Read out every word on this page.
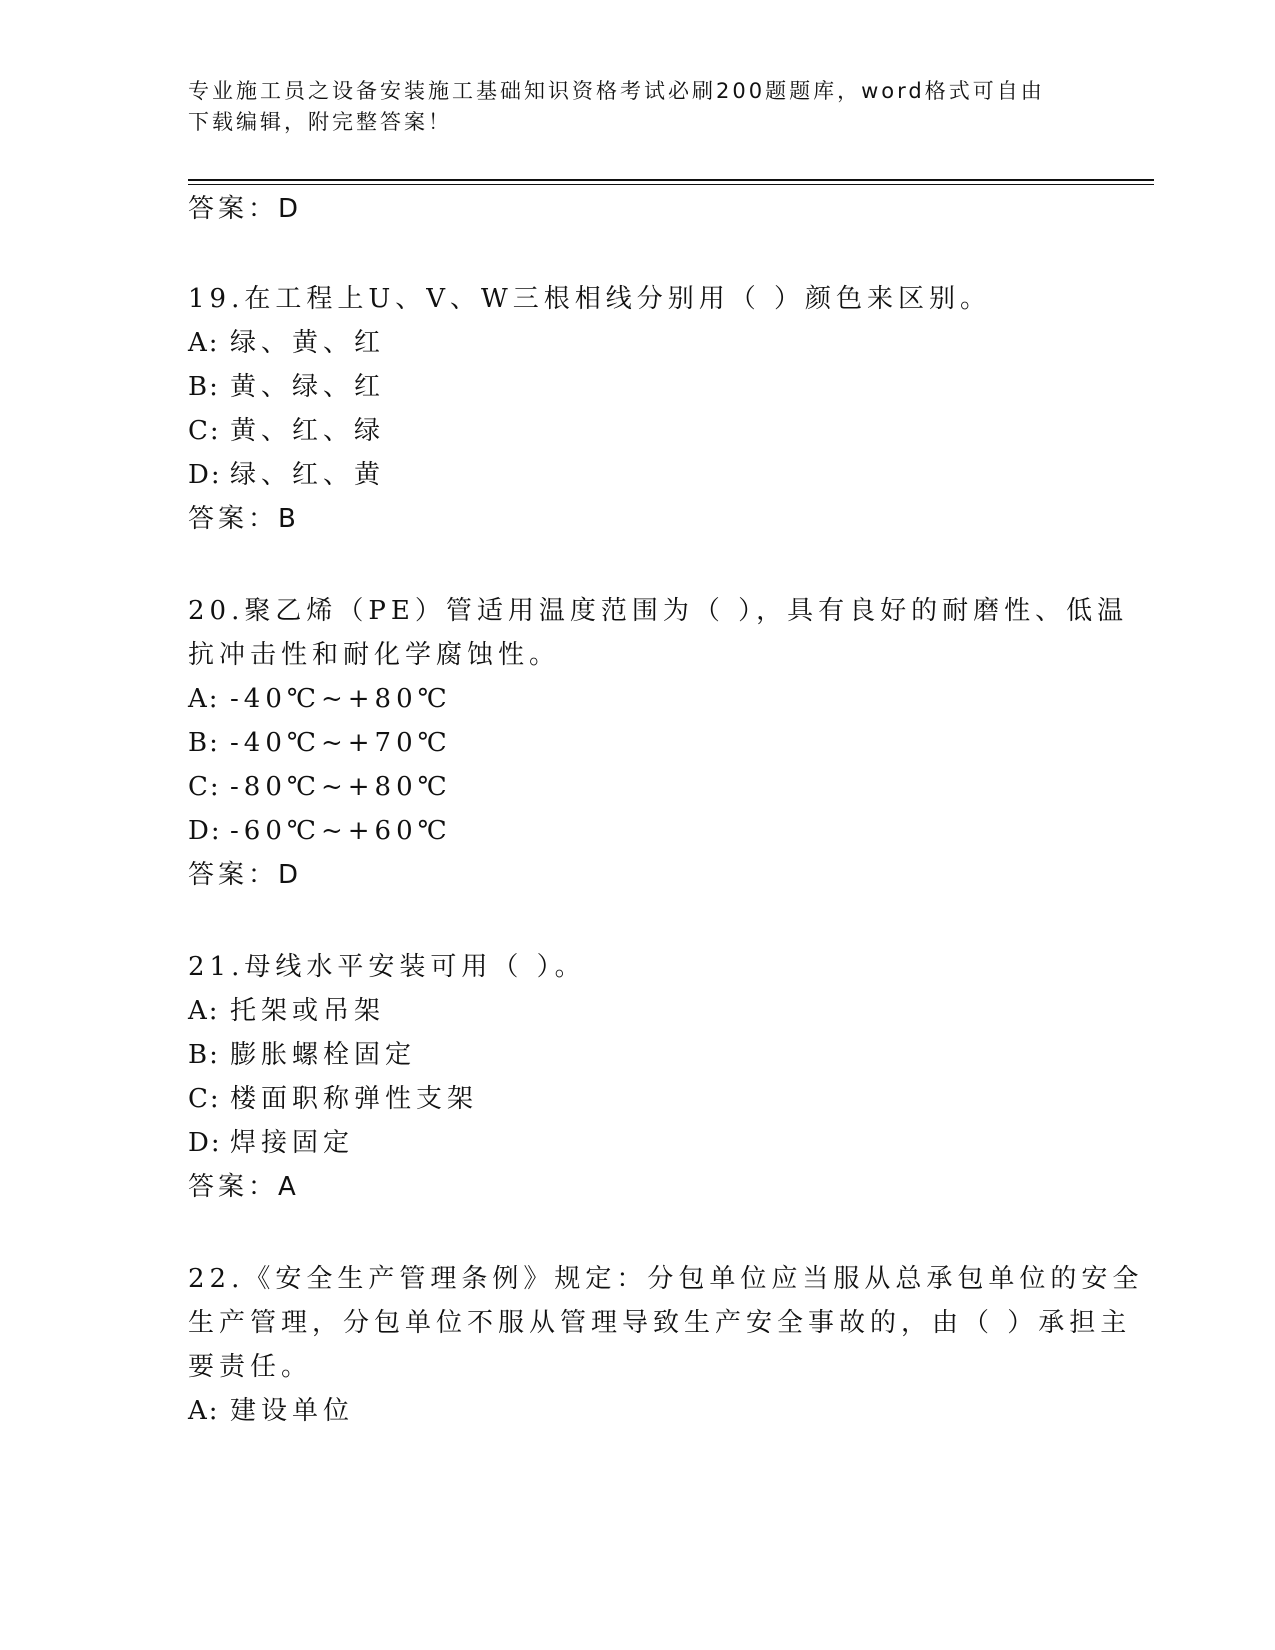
专业施工员之设备安装施工基础知识资格考试必刷200题题库，word格式可自由
下载编辑，附完整答案！
答案：D
19.在工程上U、V、W三根相线分别用（ ）颜色来区别。
A: 绿、黄、红
B: 黄、绿、红
C: 黄、红、绿
D: 绿、红、黄
答案：B
20.聚乙烯（PE）管适用温度范围为（ ），具有良好的耐磨性、低温
抗冲击性和耐化学腐蚀性。
A: -40℃~+80℃
B: -40℃~+70℃
C: -80℃~+80℃
D: -60℃~+60℃
答案：D
21.母线水平安装可用（ ）。
A: 托架或吊架
B: 膨胀螺栓固定
C: 楼面职称弹性支架
D: 焊接固定
答案：A
22.《安全生产管理条例》规定：分包单位应当服从总承包单位的安全
生产管理，分包单位不服从管理导致生产安全事故的，由（ ）承担主
要责任。
A: 建设单位
